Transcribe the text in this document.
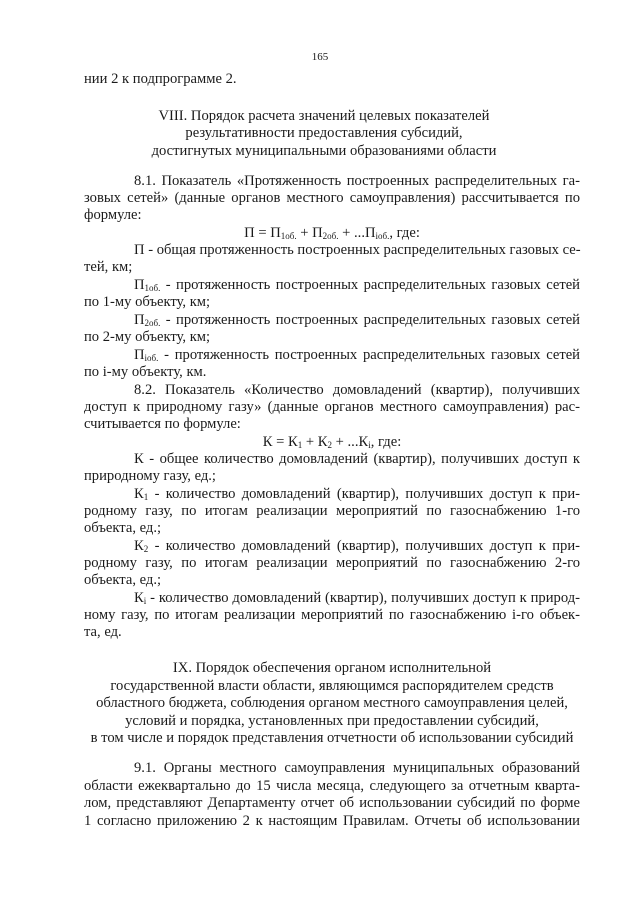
165
нии 2 к подпрограмме 2.
VIII. Порядок расчета значений целевых показателей
результативности предоставления субсидий,
достигнутых муниципальными образованиями области
8.1. Показатель «Протяженность построенных распределительных га-
зовых сетей» (данные органов местного самоуправления) рассчитывается по
формуле:
$П = П_{1об.} + П_{2об.} + ...П_{iоб.}$, где:
П - общая протяженность построенных распределительных газовых се-
тей, км;
$П_{1об.}$ - протяженность построенных распределительных газовых сетей
по 1-му объекту, км;
$П_{2об.}$ - протяженность построенных распределительных газовых сетей
по 2-му объекту, км;
$П_{iоб.}$ - протяженность построенных распределительных газовых сетей
по i-му объекту, км.
8.2. Показатель «Количество домовладений (квартир), получивших
доступ к природному газу» (данные органов местного самоуправления) рас-
считывается по формуле:
$К = К_1 + К_2 + ...К_i$, где:
К - общее количество домовладений (квартир), получивших доступ к
природному газу, ед.;
$К_1$ - количество домовладений (квартир), получивших доступ к при-
родному газу, по итогам реализации мероприятий по газоснабжению 1-го
объекта, ед.;
$К_2$ - количество домовладений (квартир), получивших доступ к при-
родному газу, по итогам реализации мероприятий по газоснабжению 2-го
объекта, ед.;
$К_i$ - количество домовладений (квартир), получивших доступ к природ-
ному газу, по итогам реализации мероприятий по газоснабжению i-го объек-
та, ед.
IX. Порядок обеспечения органом исполнительной
государственной власти области, являющимся распорядителем средств
областного бюджета, соблюдения органом местного самоуправления целей,
условий и порядка, установленных при предоставлении субсидий,
в том числе и порядок представления отчетности об использовании субсидий
9.1. Органы местного самоуправления муниципальных образований
области ежеквартально до 15 числа месяца, следующего за отчетным кварта-
лом, представляют Департаменту отчет об использовании субсидий по форме
1 согласно приложению 2 к настоящим Правилам. Отчеты об использовании
